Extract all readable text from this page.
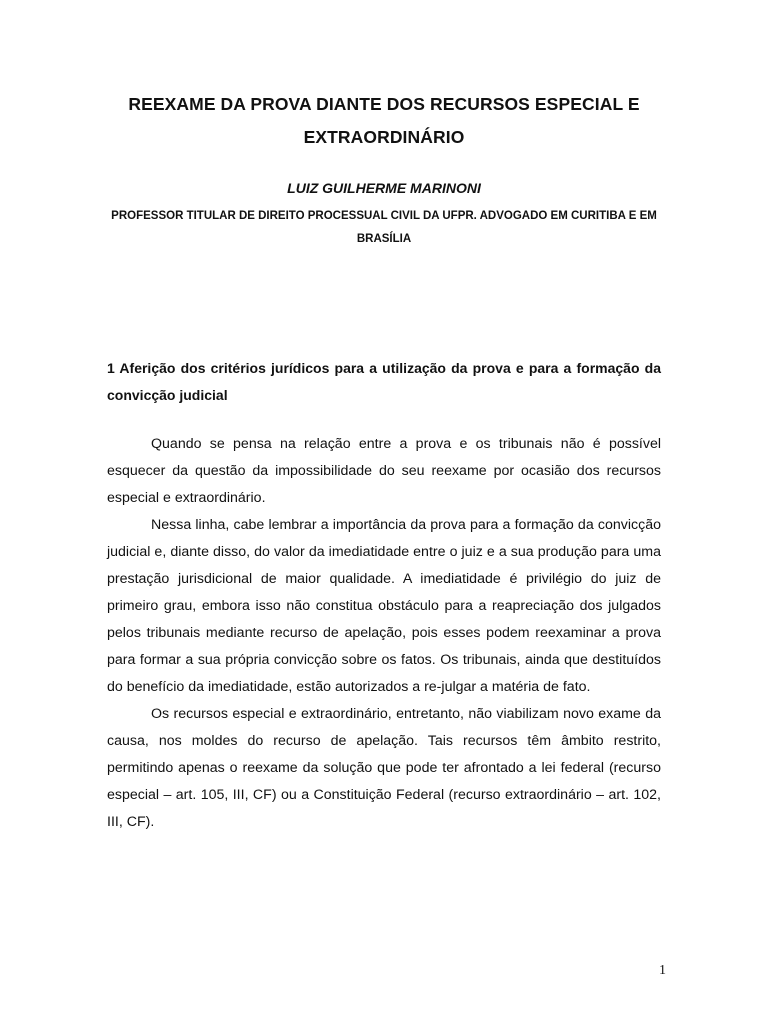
REEXAME DA PROVA DIANTE DOS RECURSOS ESPECIAL E EXTRAORDINÁRIO
LUIZ GUILHERME MARINONI
PROFESSOR TITULAR DE DIREITO PROCESSUAL CIVIL DA UFPR. ADVOGADO EM CURITIBA E EM BRASÍLIA
1 Aferição dos critérios jurídicos para a utilização da prova e para a formação da convicção judicial

Quando se pensa na relação entre a prova e os tribunais não é possível esquecer da questão da impossibilidade do seu reexame por ocasião dos recursos especial e extraordinário.

Nessa linha, cabe lembrar a importância da prova para a formação da convicção judicial e, diante disso, do valor da imediatidade entre o juiz e a sua produção para uma prestação jurisdicional de maior qualidade. A imediatidade é privilégio do juiz de primeiro grau, embora isso não constitua obstáculo para a reapreciação dos julgados pelos tribunais mediante recurso de apelação, pois esses podem reexaminar a prova para formar a sua própria convicção sobre os fatos. Os tribunais, ainda que destituídos do benefício da imediatidade, estão autorizados a re-julgar a matéria de fato.

Os recursos especial e extraordinário, entretanto, não viabilizam novo exame da causa, nos moldes do recurso de apelação. Tais recursos têm âmbito restrito, permitindo apenas o reexame da solução que pode ter afrontado a lei federal (recurso especial – art. 105, III, CF) ou a Constituição Federal (recurso extraordinário – art. 102, III, CF).

1
